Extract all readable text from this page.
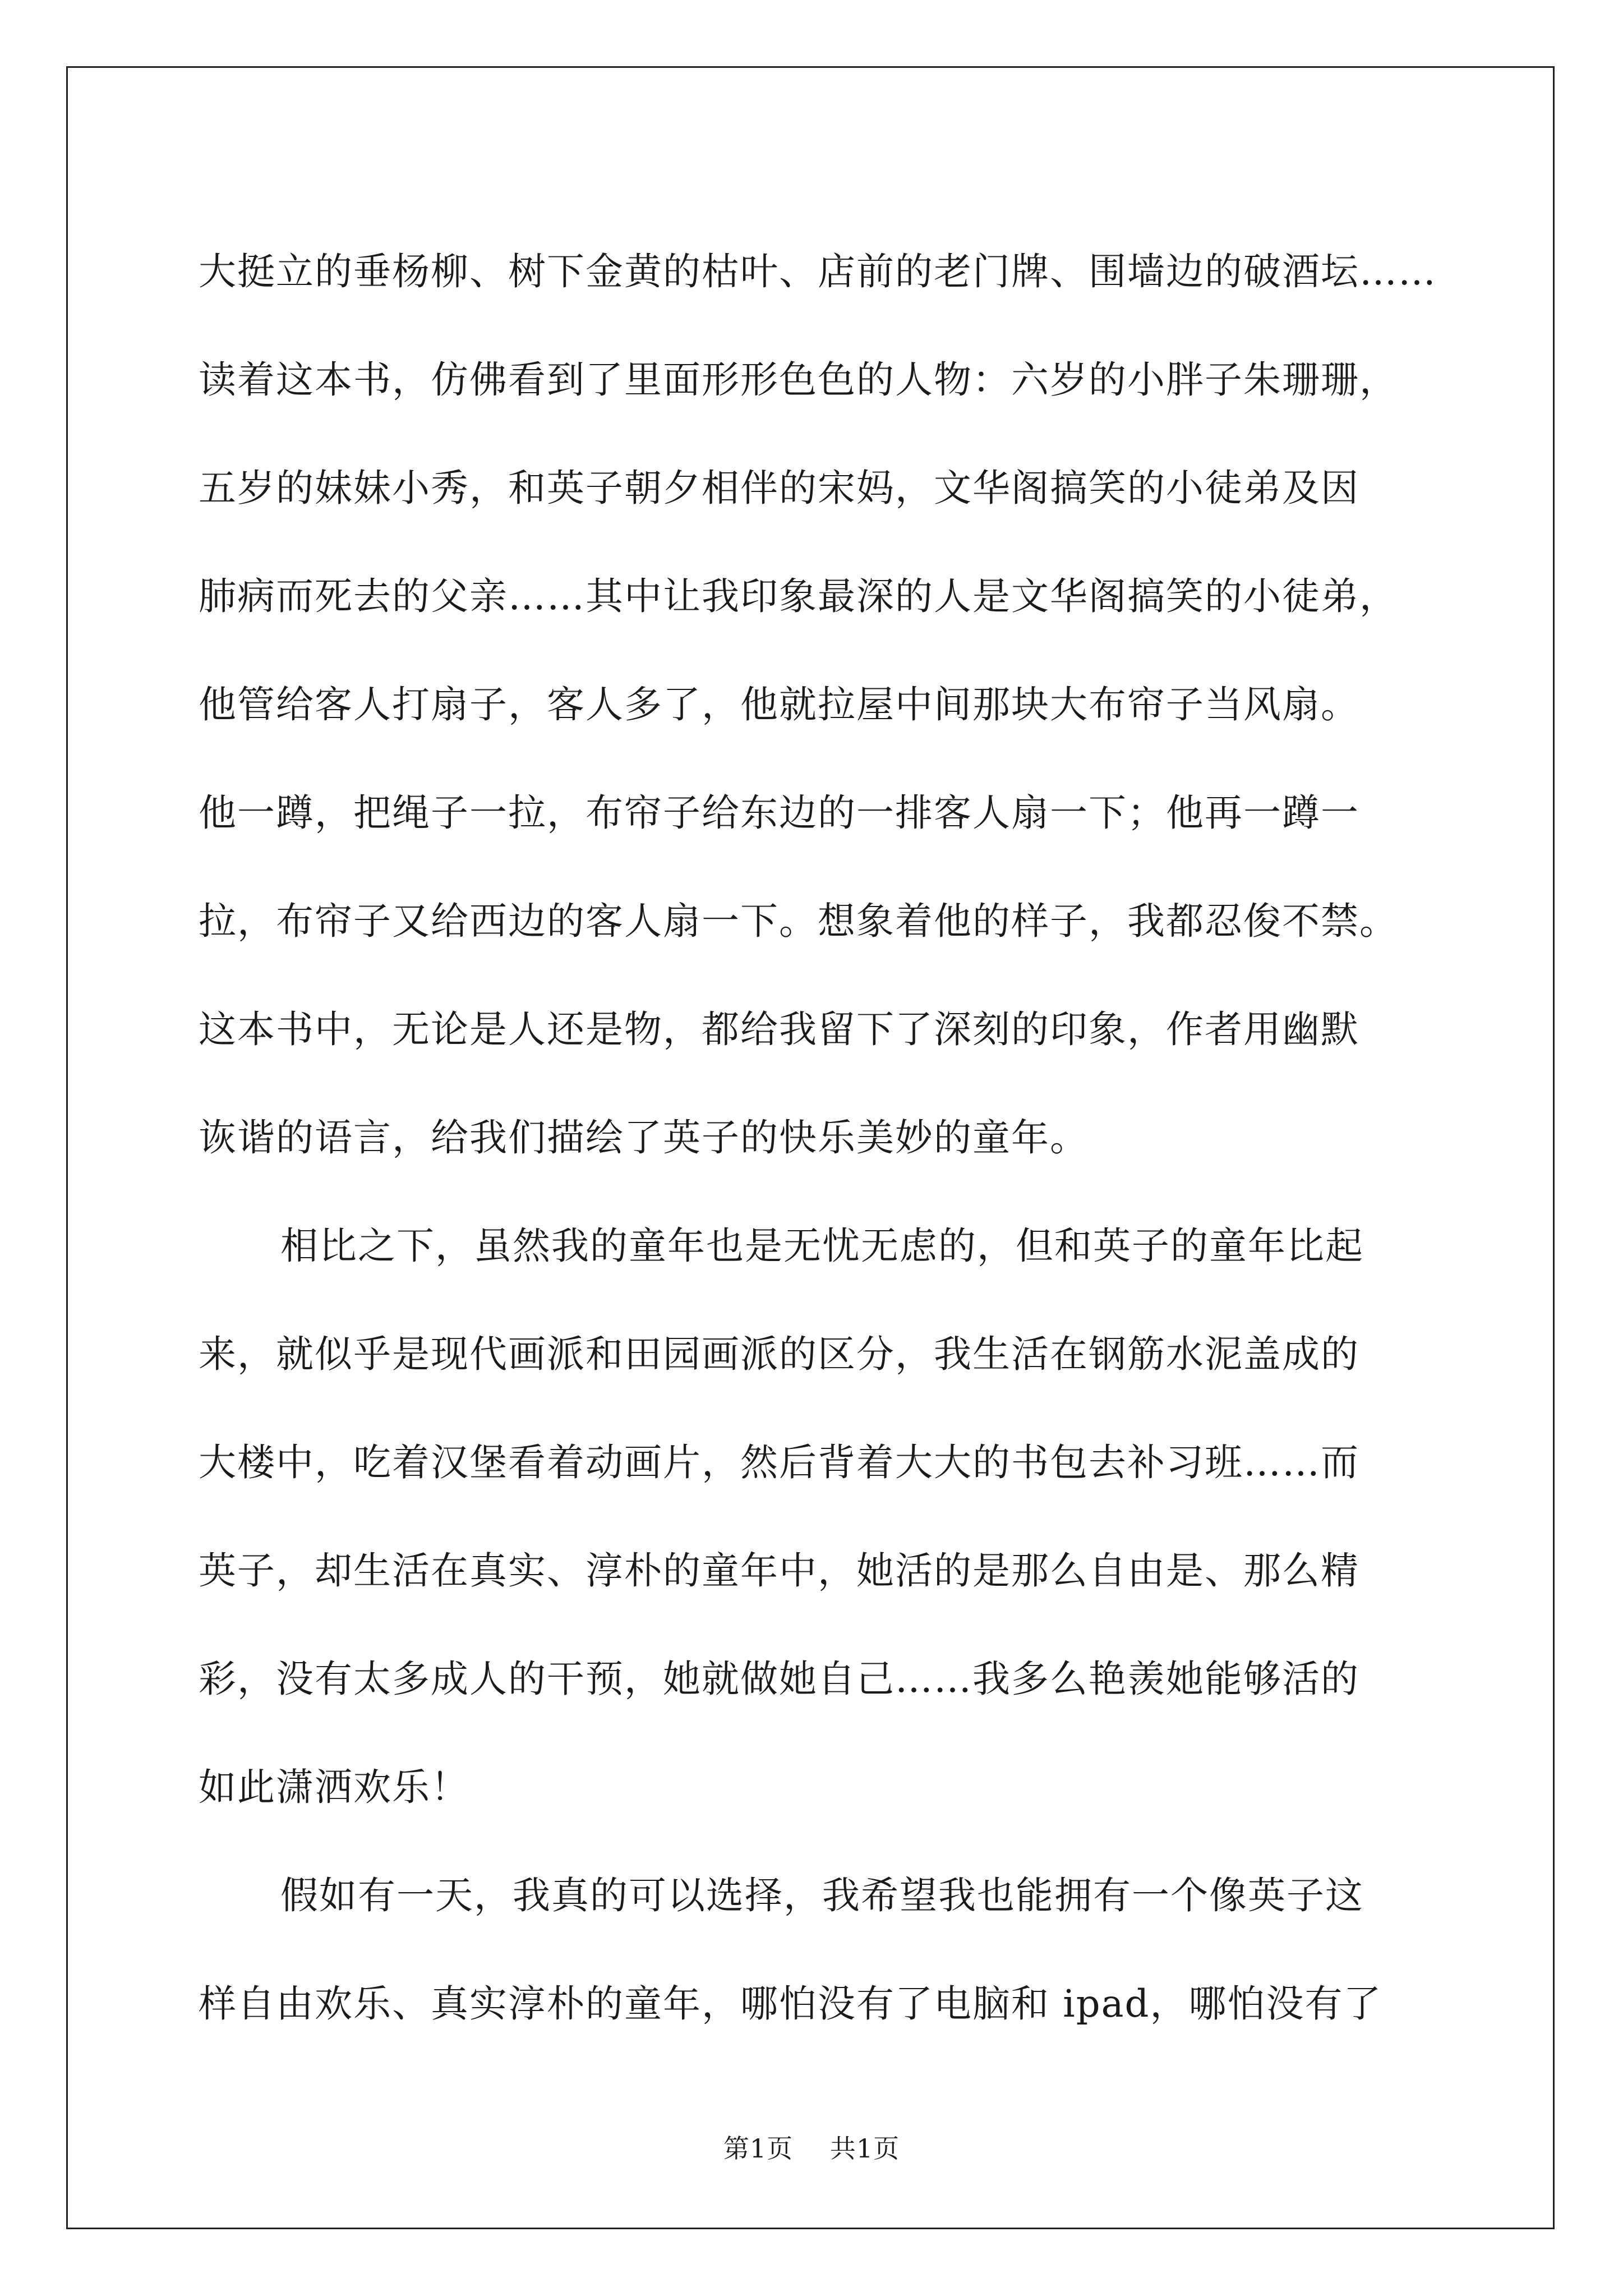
大挺立的垂杨柳、树下金黄的枯叶、店前的老门牌、围墙边的破酒坛……
读着这本书，仿佛看到了里面形形色色的人物：六岁的小胖子朱珊珊，
五岁的妹妹小秀，和英子朝夕相伴的宋妈，文华阁搞笑的小徒弟及因
肺病而死去的父亲……其中让我印象最深的人是文华阁搞笑的小徒弟，
他管给客人打扇子，客人多了，他就拉屋中间那块大布帘子当风扇。
他一蹲，把绳子一拉，布帘子给东边的一排客人扇一下；他再一蹲一
拉，布帘子又给西边的客人扇一下。想象着他的样子，我都忍俊不禁。
这本书中，无论是人还是物，都给我留下了深刻的印象，作者用幽默
诙谐的语言，给我们描绘了英子的快乐美妙的童年。
相比之下，虽然我的童年也是无忧无虑的，但和英子的童年比起
来，就似乎是现代画派和田园画派的区分，我生活在钢筋水泥盖成的
大楼中，吃着汉堡看着动画片，然后背着大大的书包去补习班……而
英子，却生活在真实、淳朴的童年中，她活的是那么自由是、那么精
彩，没有太多成人的干预，她就做她自己……我多么艳羡她能够活的
如此潇洒欢乐！
假如有一天，我真的可以选择，我希望我也能拥有一个像英子这
样自由欢乐、真实淳朴的童年，哪怕没有了电脑和 ipad，哪怕没有了
第1页 共1页
